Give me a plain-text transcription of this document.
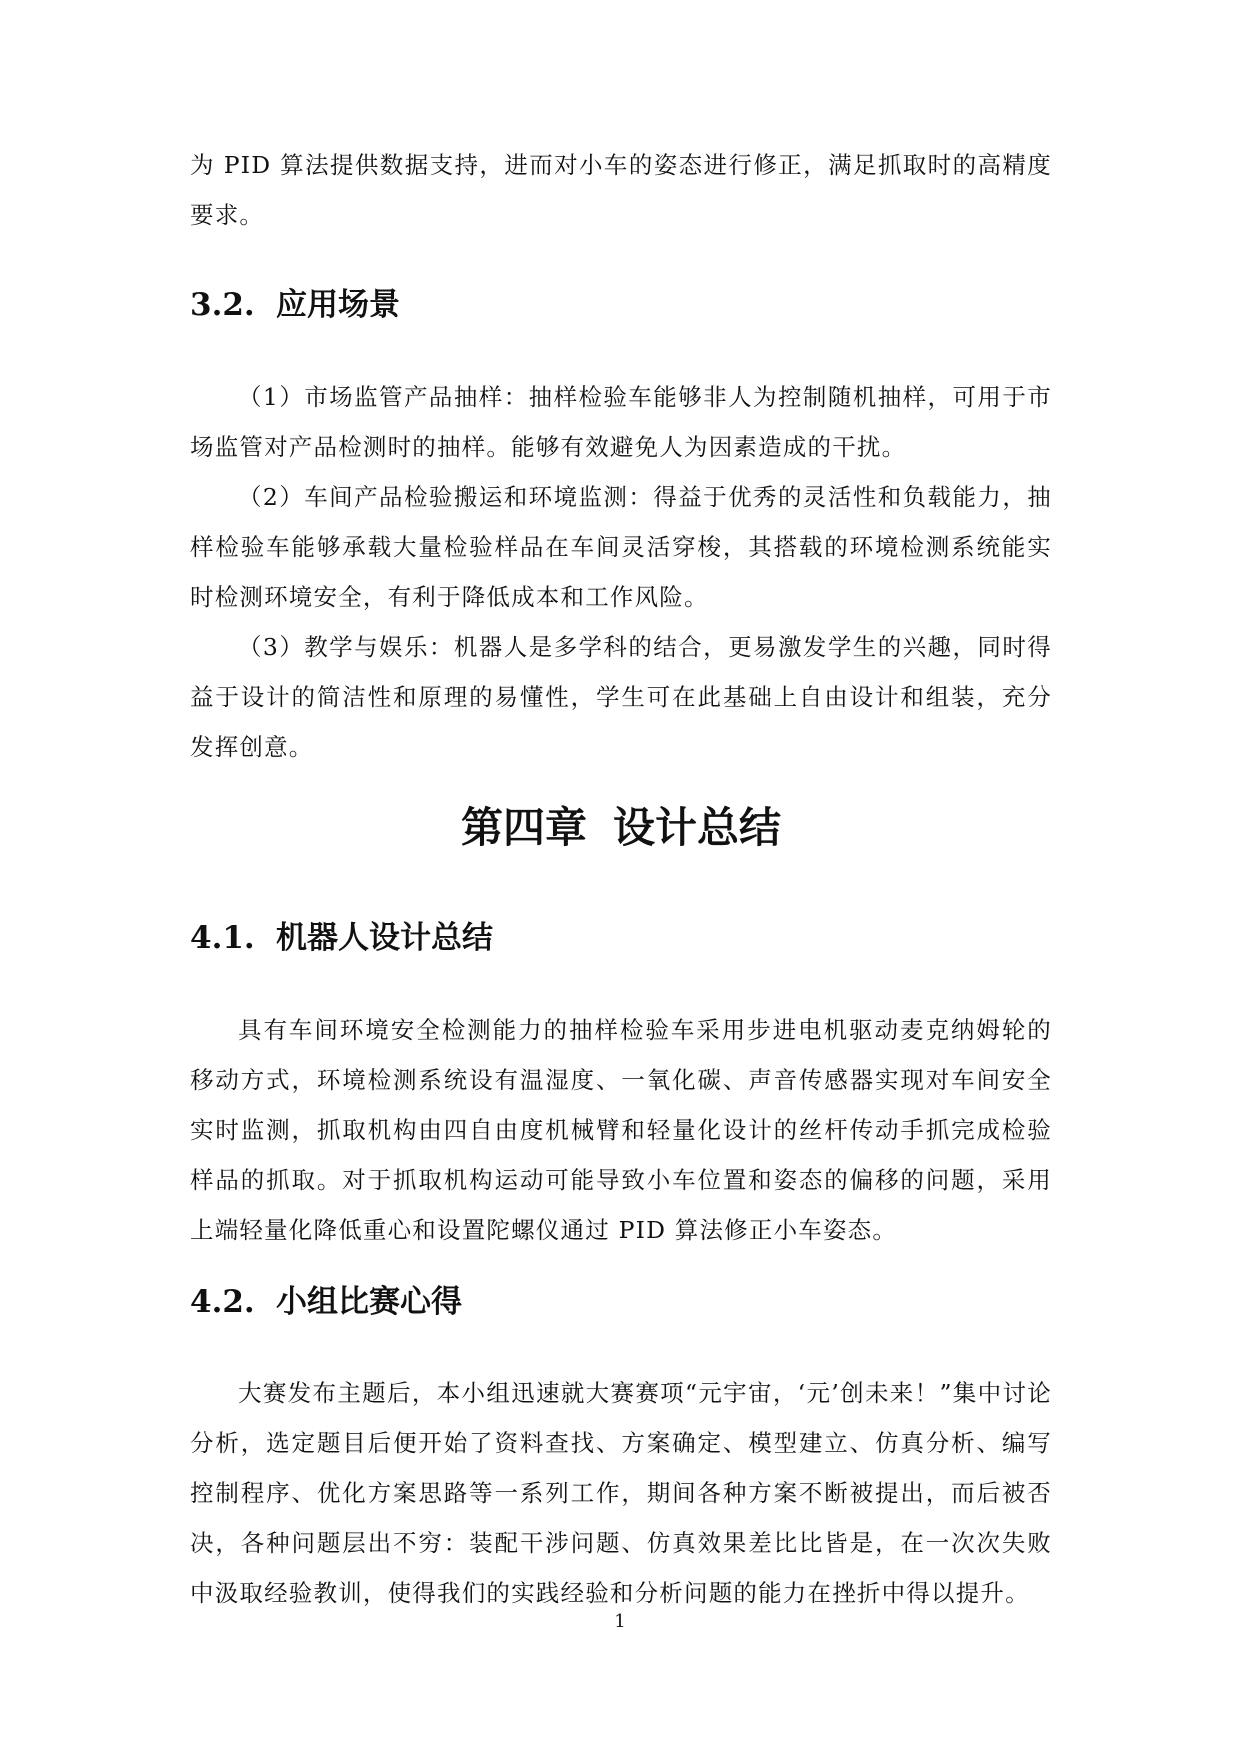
为 PID 算法提供数据支持，进而对小车的姿态进行修正，满足抓取时的高精度要求。

3.2. 应用场景

（1）市场监管产品抽样：抽样检验车能够非人为控制随机抽样，可用于市场监管对产品检测时的抽样。能够有效避免人为因素造成的干扰。

（2）车间产品检验搬运和环境监测：得益于优秀的灵活性和负载能力，抽样检验车能够承载大量检验样品在车间灵活穿梭，其搭载的环境检测系统能实时检测环境安全，有利于降低成本和工作风险。

（3）教学与娱乐：机器人是多学科的结合，更易激发学生的兴趣，同时得益于设计的简洁性和原理的易懂性，学生可在此基础上自由设计和组装，充分发挥创意。

第四章 设计总结
4.1. 机器人设计总结

具有车间环境安全检测能力的抽样检验车采用步进电机驱动麦克纳姆轮的移动方式，环境检测系统设有温湿度、一氧化碳、声音传感器实现对车间安全实时监测，抓取机构由四自由度机械臂和轻量化设计的丝杆传动手抓完成检验样品的抓取。对于抓取机构运动可能导致小车位置和姿态的偏移的问题，采用上端轻量化降低重心和设置陀螺仪通过 PID 算法修正小车姿态。

4.2. 小组比赛心得

大赛发布主题后，本小组迅速就大赛赛项“元宇宙，‘元’创未来！”集中讨论分析，选定题目后便开始了资料查找、方案确定、模型建立、仿真分析、编写控制程序、优化方案思路等一系列工作，期间各种方案不断被提出，而后被否决，各种问题层出不穷：装配干涉问题、仿真效果差比比皆是，在一次次失败中汲取经验教训，使得我们的实践经验和分析问题的能力在挫折中得以提升。

1
